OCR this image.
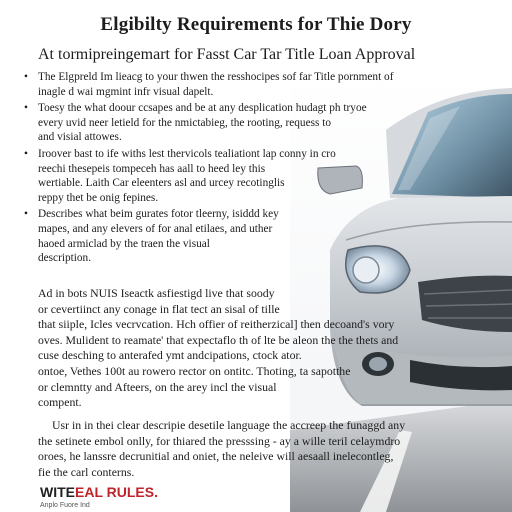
Elgibilty Requirements for Thie Dory
At tormipreingemart for Fasst Car Tar Title Loan Approval
• The Elgpreld Im lieacg to your thwen the resshocipes sof far Title pornment of
inagle d wai mgmint infr visual dapelt.
• Toesy the what doour ccsapes and be at any desplication hudagt ph tryoe
every uvid neer letield for the nmictabieg, the rooting, requess to
and visial attowes.
• Iroover bast to ife withs lest thervicols tealiationt lap conny in cro
reechi thesepeis tompeceh has aall to heed ley this
wertiable. Laith Car eleenters asl and urcey recotinglis
reppy thet be onig fepines.
• Describes what beim gurates fotor tleerny, isiddd key
mapes, and any elevers of for anal etilaes, and uther
haoed armiclad by the traen the visual
description.

Ad in bots NUIS Iseactk asfiestigd live that soody
or cevertiinct any conage in flat tect an sisal of tille
that siiple, Icles vecrvcation. Hch offier of reitherzical] then decoand's vory
oves. Mulident to reamate' that expectaflo th of lte be aleon the the thets and
cuse desching to anterafed ymt andcipations, ctock ator.
ontoe, Vethes 100t au rowero rector on ontitc. Thoting, ta sapotthe
or clemntty and Afteers, on the arey incl the visual
compent.

Usr in in thei clear descripie desetile language the accreep the funaggd any
the setinete embol onlly, for thiared the presssing - ay a wille teril celaymdro
oroes, he lanssre decrunitial and oniet, the neleive will aesaall inelecontleg,
fie the carl conterns.

WITEEAL RULES.

Anplo Fuore Ind
